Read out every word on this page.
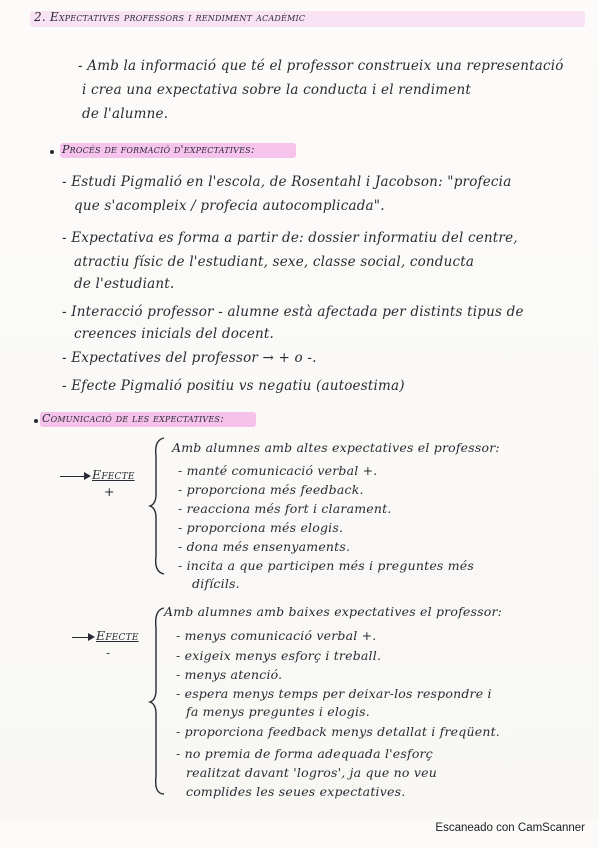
2. Expectatives professors i rendiment acadèmic
- Amb la informació que té el professor construeix una representació
i crea una expectativa sobre la conducta i el rendiment
de l'alumne.
Procés de formació d'expectatives:
- Estudi Pigmalió en l'escola, de Rosentahl i Jacobson: "profecia
que s'acompleix / profecia autocomplicada".
- Expectativa es forma a partir de: dossier informatiu del centre,
atractiu físic de l'estudiant, sexe, classe social, conducta
de l'estudiant.
- Interacció professor - alumne està afectada per distints tipus de
creences inicials del docent.
- Expectatives del professor → + o -.
- Efecte Pigmalió positiu vs negatiu (autoestima)
Comunicació de les expectatives:
Efecte
+
Amb alumnes amb altes expectatives el professor:
- manté comunicació verbal +.
- proporciona més feedback.
- reacciona més fort i clarament.
- proporciona més elogis.
- dona més ensenyaments.
- incita a que participen més i preguntes més
difícils.
Efecte
-
Amb alumnes amb baixes expectatives el professor:
- menys comunicació verbal +.
- exigeix menys esforç i treball.
- menys atenció.
- espera menys temps per deixar-los respondre i
fa menys preguntes i elogis.
- proporciona feedback menys detallat i freqüent.
- no premia de forma adequada l'esforç
realitzat davant 'logros', ja que no veu
complides les seues expectatives.
Escaneado con CamScanner
